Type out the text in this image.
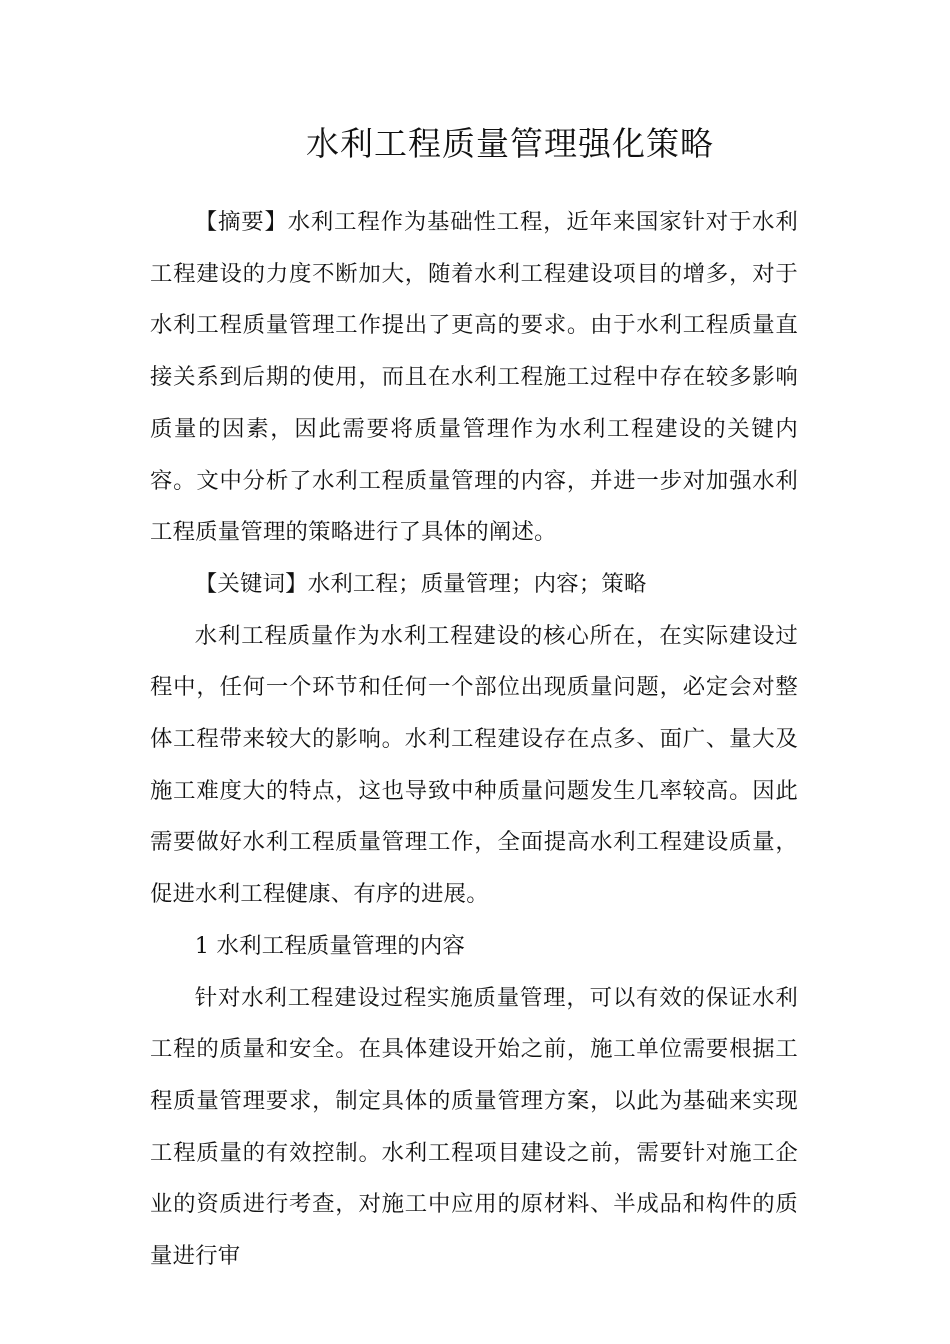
水利工程质量管理强化策略

【摘要】水利工程作为基础性工程，近年来国家针对于水利工程建设的力度不断加大，随着水利工程建设项目的增多，对于水利工程质量管理工作提出了更高的要求。由于水利工程质量直接关系到后期的使用，而且在水利工程施工过程中存在较多影响质量的因素，因此需要将质量管理作为水利工程建设的关键内容。文中分析了水利工程质量管理的内容，并进一步对加强水利工程质量管理的策略进行了具体的阐述。

【关键词】水利工程；质量管理；内容；策略

水利工程质量作为水利工程建设的核心所在，在实际建设过程中，任何一个环节和任何一个部位出现质量问题，必定会对整体工程带来较大的影响。水利工程建设存在点多、面广、量大及施工难度大的特点，这也导致中种质量问题发生几率较高。因此需要做好水利工程质量管理工作，全面提高水利工程建设质量，促进水利工程健康、有序的进展。

1 水利工程质量管理的内容

针对水利工程建设过程实施质量管理，可以有效的保证水利工程的质量和安全。在具体建设开始之前，施工单位需要根据工程质量管理要求，制定具体的质量管理方案，以此为基础来实现工程质量的有效控制。水利工程项目建设之前，需要针对施工企业的资质进行考查，对施工中应用的原材料、半成品和构件的质量进行审
